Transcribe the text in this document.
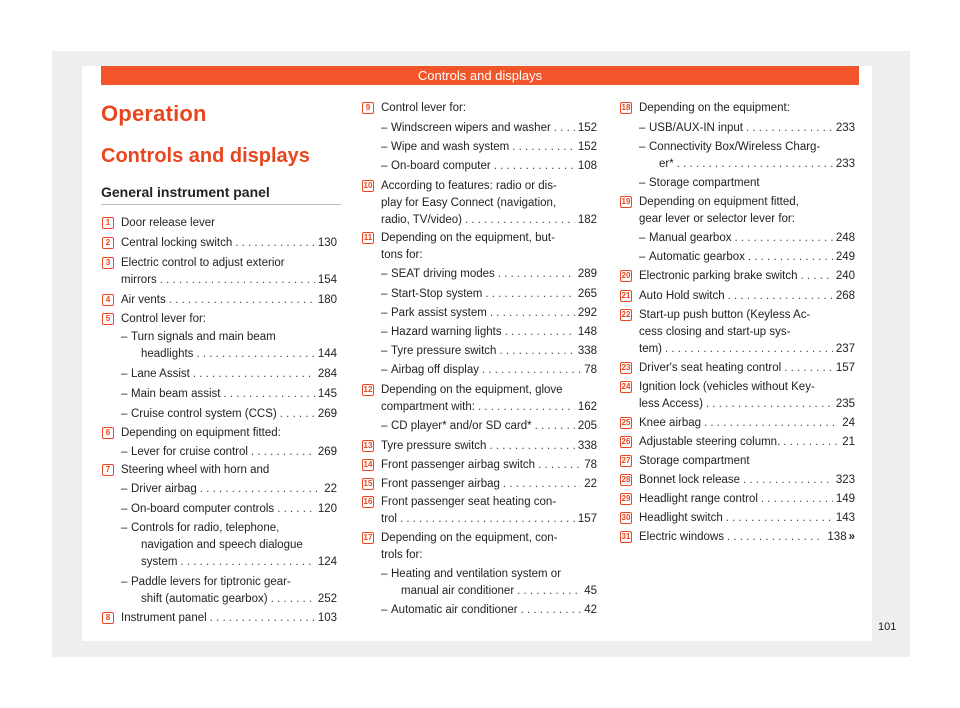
Controls and displays
Operation
Controls and displays
General instrument panel
1 Door release lever
2 Central locking switch . . .	130
3 Electric control to adjust exterior
mirrors . . .	154
4 Air vents . . .	180
5 Control lever for:
– Turn signals and main beam
headlights . . .	144
– Lane Assist . . .	284
– Main beam assist . . .	145
– Cruise control system (CCS) . . .	269
6 Depending on equipment fitted:
– Lever for cruise control . . .	269
7 Steering wheel with horn and
– Driver airbag . . .	22
– On-board computer controls . . .	120
– Controls for radio, telephone,
navigation and speech dialogue
system . . .	124
– Paddle levers for tiptronic gear-
shift (automatic gearbox) . . .	252
8 Instrument panel . . .	103
9 Control lever for:
– Windscreen wipers and washer . . . 152
– Wipe and wash system . . .	152
– On-board computer . . .	108
10 According to features: radio or dis-
play for Easy Connect (navigation,
radio, TV/video) . . .	182
11 Depending on the equipment, but-
tons for:
– SEAT driving modes . . .	289
– Start-Stop system . . .	265
– Park assist system . . .	292
– Hazard warning lights . . .	148
– Tyre pressure switch . . .	338
– Airbag off display . . .	78
12 Depending on the equipment, glove
compartment with: . . .	162
– CD player* and/or SD card* . . .	205
13 Tyre pressure switch . . .	338
14 Front passenger airbag switch . . .	78
15 Front passenger airbag . . .	22
16 Front passenger seat heating con-
trol . . .	157
17 Depending on the equipment, con-
trols for:
– Heating and ventilation system or
manual air conditioner . . .	45
– Automatic air conditioner . . .	42
18 Depending on the equipment:
– USB/AUX-IN input . . .	233
– Connectivity Box/Wireless Charg-
er* . . .	233
– Storage compartment
19 Depending on equipment fitted,
gear lever or selector lever for:
– Manual gearbox . . .	248
– Automatic gearbox . . .	249
20 Electronic parking brake switch . . .	240
21 Auto Hold switch . . .	268
22 Start-up push button (Keyless Ac-
cess closing and start-up sys-
tem) . . .	237
23 Driver's seat heating control . . .	157
24 Ignition lock (vehicles without Key-
less Access) . . .	235
25 Knee airbag . . .	24
26 Adjustable steering column. . . .	21
27 Storage compartment
28 Bonnet lock release . . .	323
29 Headlight range control . . .	149
30 Headlight switch . . .	143
31 Electric windows . . .	138 »
101
